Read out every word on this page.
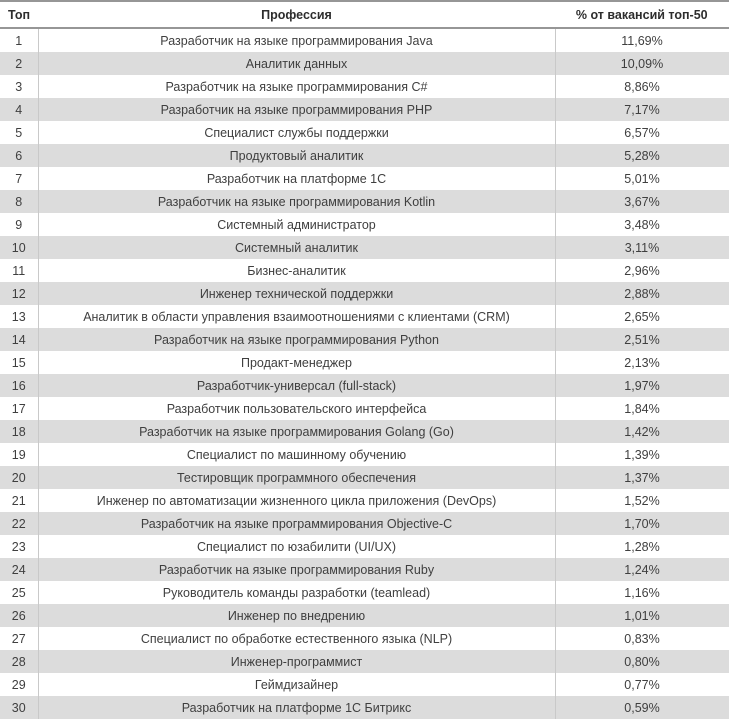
Топ	Профессия	% от вакансий топ-50
1	Разработчик на языке программирования Java	11,69%
2	Аналитик данных	10,09%
3	Разработчик на языке программирования C#	8,86%
4	Разработчик на языке программирования PHP	7,17%
5	Специалист службы поддержки	6,57%
6	Продуктовый аналитик	5,28%
7	Разработчик на платформе 1С	5,01%
8	Разработчик на языке программирования Kotlin	3,67%
9	Системный администратор	3,48%
10	Системный аналитик	3,11%
11	Бизнес-аналитик	2,96%
12	Инженер технической поддержки	2,88%
13	Аналитик в области управления взаимоотношениями с клиентами (CRM)	2,65%
14	Разработчик на языке программирования Python	2,51%
15	Продакт-менеджер	2,13%
16	Разработчик-универсал (full-stack)	1,97%
17	Разработчик пользовательского интерфейса	1,84%
18	Разработчик на языке программирования Golang (Go)	1,42%
19	Специалист по машинному обучению	1,39%
20	Тестировщик программного обеспечения	1,37%
21	Инженер по автоматизации жизненного цикла приложения (DevOps)	1,52%
22	Разработчик на языке программирования Objective-C	1,70%
23	Специалист по юзабилити (UI/UX)	1,28%
24	Разработчик на языке программирования Ruby	1,24%
25	Руководитель команды разработки (teamlead)	1,16%
26	Инженер по внедрению	1,01%
27	Специалист по обработке естественного языка (NLP)	0,83%
28	Инженер-программист	0,80%
29	Геймдизайнер	0,77%
30	Разработчик на платформе 1С Битрикс	0,59%
